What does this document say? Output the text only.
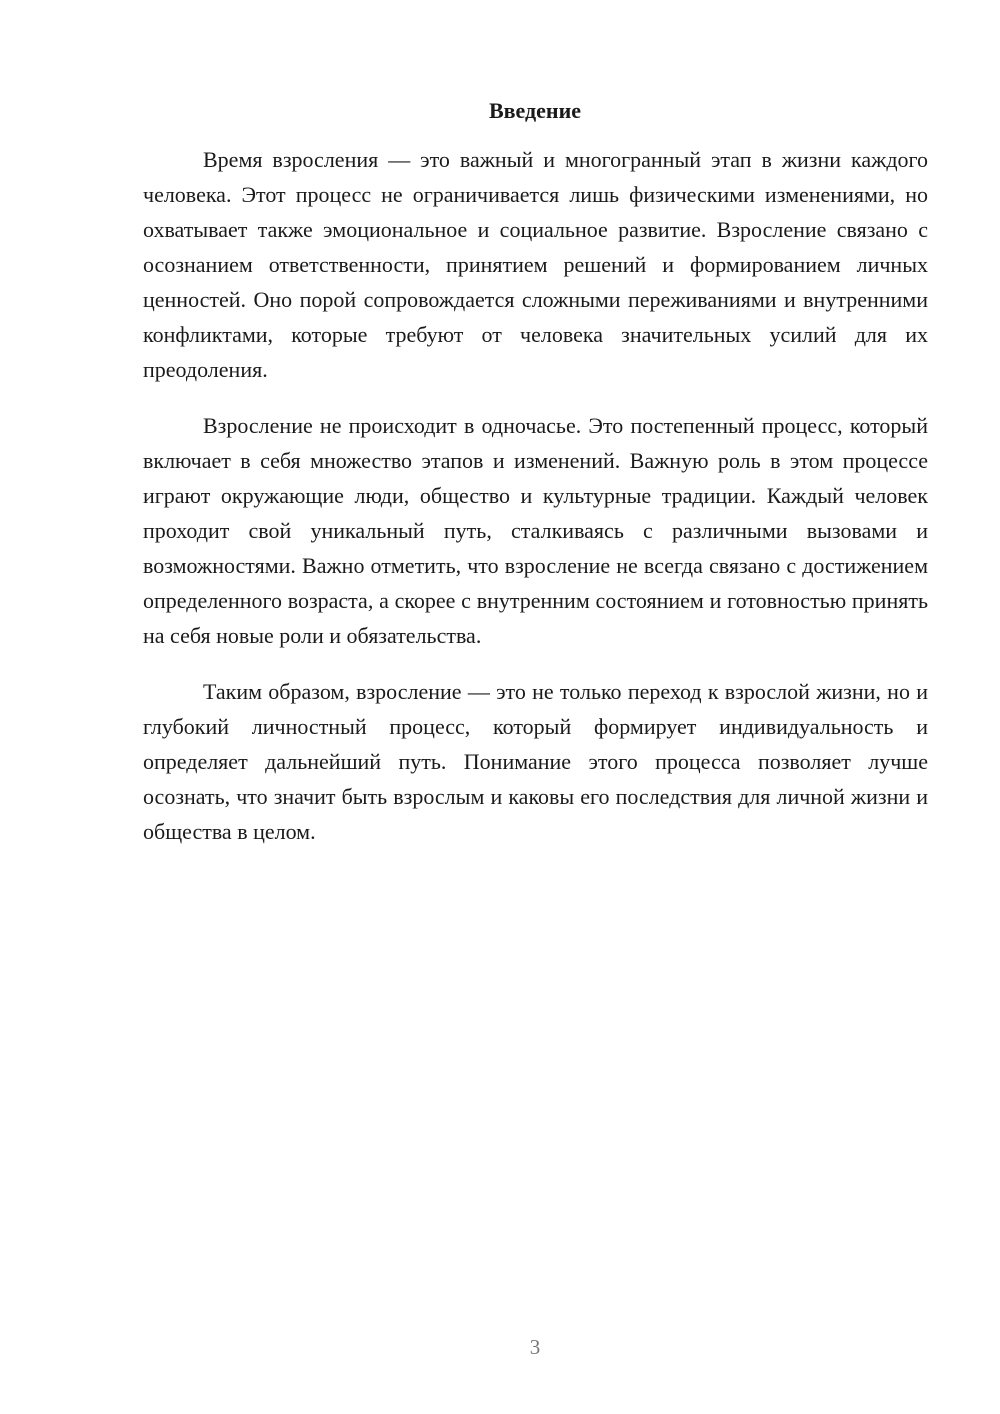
Введение

Время взросления — это важный и многогранный этап в жизни каждого человека. Этот процесс не ограничивается лишь физическими изменениями, но охватывает также эмоциональное и социальное развитие. Взросление связано с осознанием ответственности, принятием решений и формированием личных ценностей. Оно порой сопровождается сложными переживаниями и внутренними конфликтами, которые требуют от человека значительных усилий для их преодоления.

Взросление не происходит в одночасье. Это постепенный процесс, который включает в себя множество этапов и изменений. Важную роль в этом процессе играют окружающие люди, общество и культурные традиции. Каждый человек проходит свой уникальный путь, сталкиваясь с различными вызовами и возможностями. Важно отметить, что взросление не всегда связано с достижением определенного возраста, а скорее с внутренним состоянием и готовностью принять на себя новые роли и обязательства.

Таким образом, взросление — это не только переход к взрослой жизни, но и глубокий личностный процесс, который формирует индивидуальность и определяет дальнейший путь. Понимание этого процесса позволяет лучше осознать, что значит быть взрослым и каковы его последствия для личной жизни и общества в целом.

3
